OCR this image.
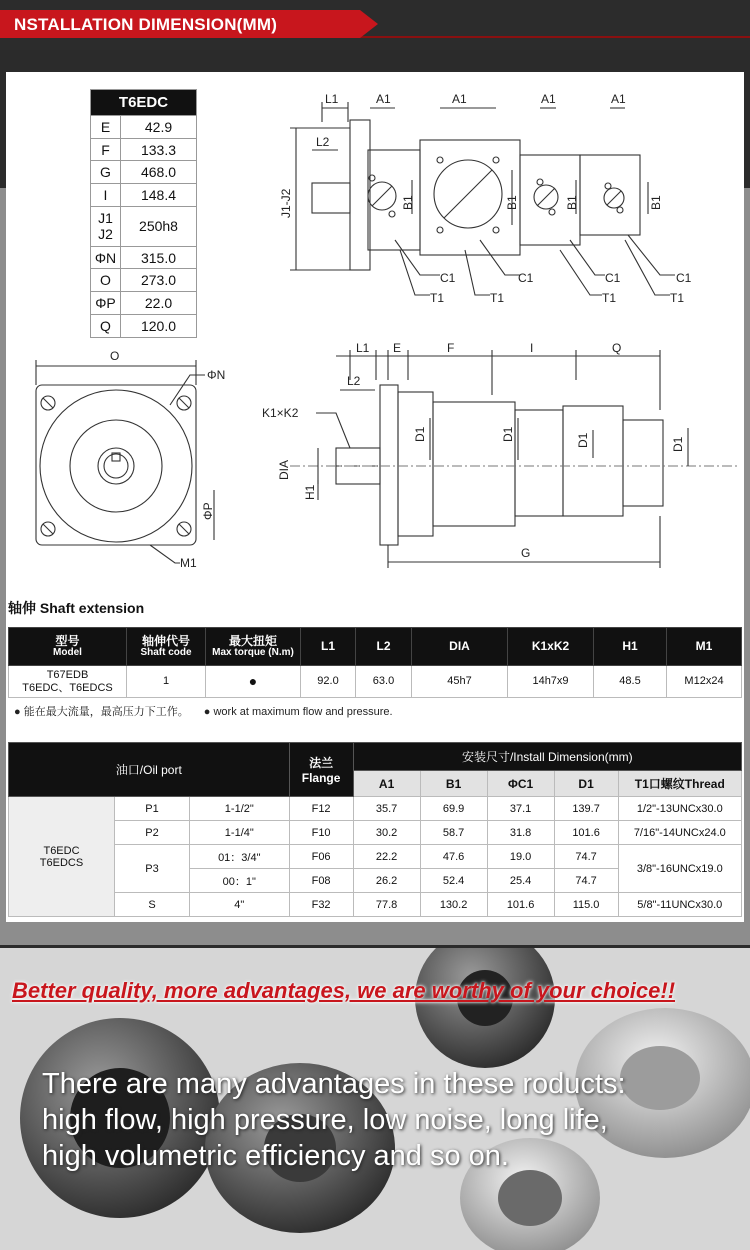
NSTALLATION DIMENSION(MM)
T6EDC	
E	42.9
F	133.3
G	468.0
I	148.4
J1 J2	250h8
ΦN	315.0
O	273.0
ΦP	22.0
Q	120.0
L1	A1	A1	A1	A1
L2
J1-J2	B1	B1	B1	B1
C1	C1	C1	C1
T1	T1	T1	T1
O
ΦN
ΦP
M1
L1 E	F	I	Q
L2
K1×K2
DIA
H1
D1	D1	D1	D1
G
轴伸 Shaft extension
型号
Model	轴伸代号
Shaft code	最大扭矩
Max torque (N.m)	L1	L2	DIA	K1xK2	H1	M1
T67EDB
T6EDC、T6EDCS	1	●	92.0	63.0	45h7	14h7x9	48.5	M12x24
● 能在最大流量，最高压力下工作。 ● work at maximum flow and pressure.
油口/Oil port			法兰
Flange	安装尺寸/Install Dimension(mm)				
				A1	B1	ΦC1	D1	T1口螺纹Thread
T6EDC
T6EDCS	P1	1-1/2"	F12	35.7	69.9	37.1	139.7	1/2"-13UNCx30.0
	P2	1-1/4"	F10	30.2	58.7	31.8	101.6	7/16"-14UNCx24.0
	P3	01：3/4"	F06	22.2	47.6	19.0	74.7	3/8"-16UNCx19.0
		00：1"	F08	26.2	52.4	25.4	74.7	
	S	4"	F32	77.8	130.2	101.6	115.0	5/8"-11UNCx30.0
Better quality, more advantages, we are worthy of your choice!!
There are many advantages in these roducts:
high flow, high pressure, low noise, long life,
high volumetric efficiency and so on.
